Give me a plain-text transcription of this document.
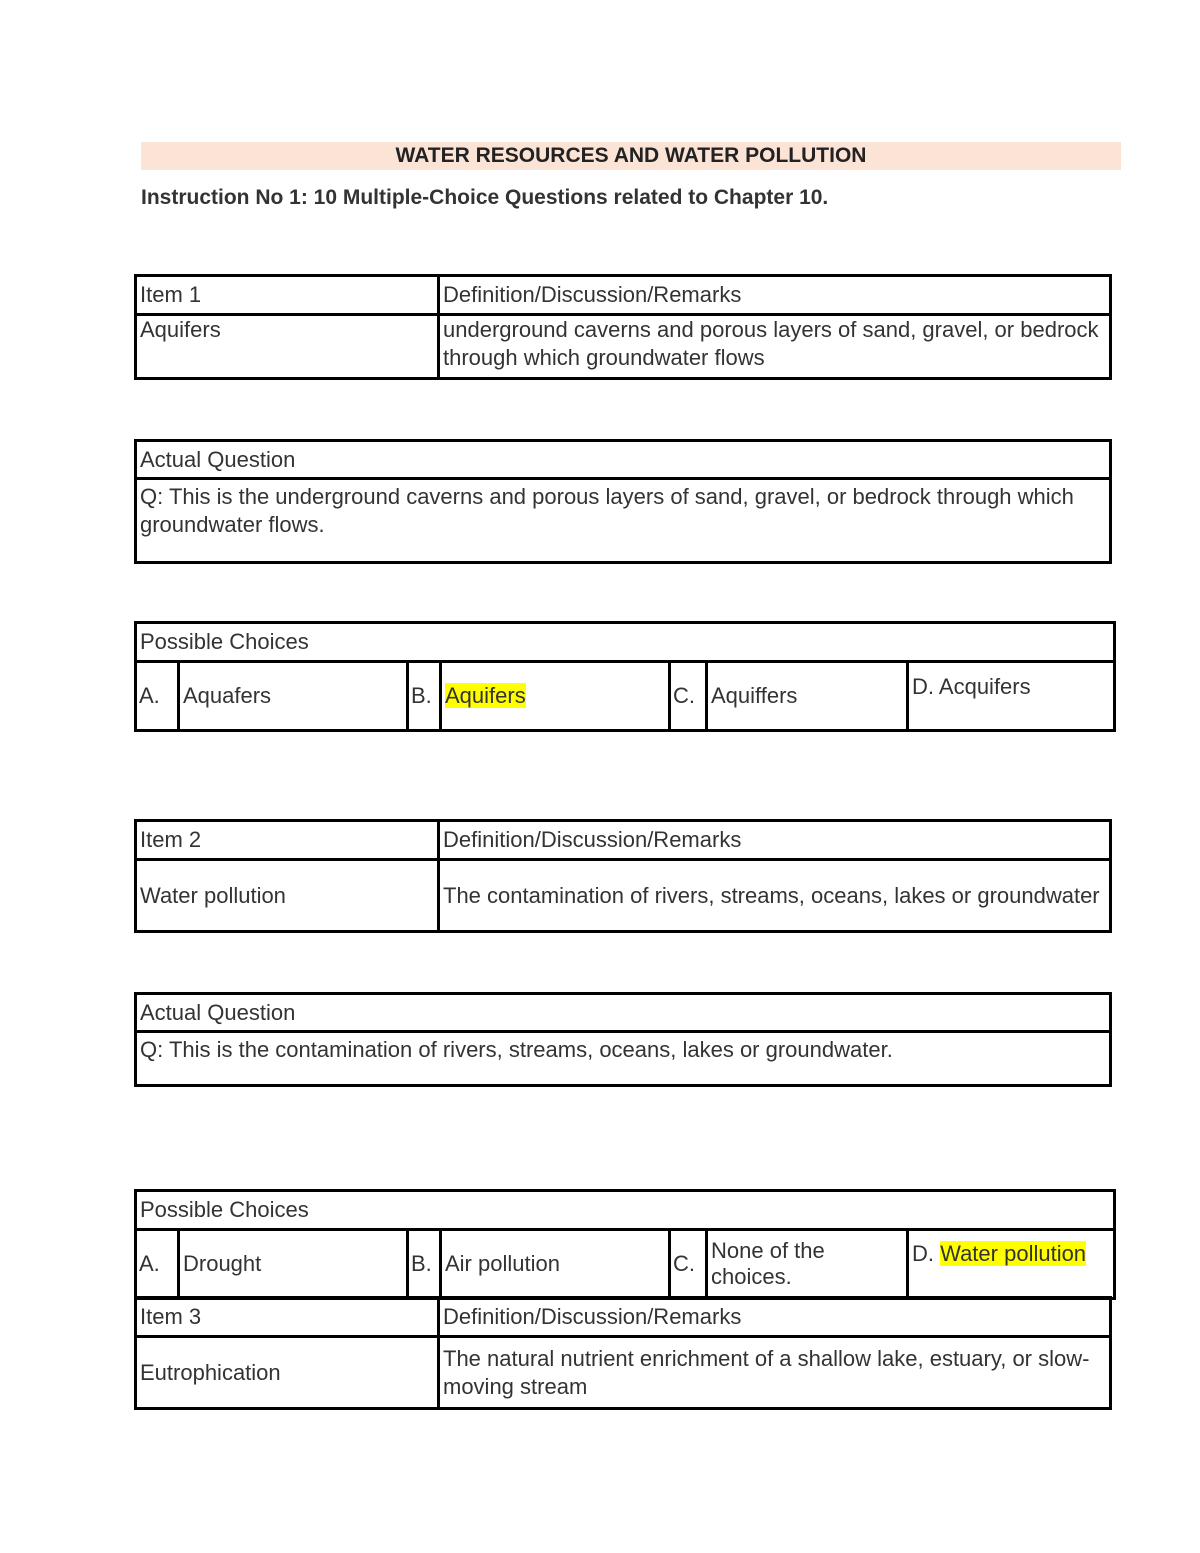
WATER RESOURCES AND WATER POLLUTION
Instruction No 1: 10 Multiple-Choice Questions related to Chapter 10.
Item 1	Definition/Discussion/Remarks
Aquifers	underground caverns and porous layers of sand, gravel, or bedrock through which groundwater flows
Actual Question
Q: This is the underground caverns and porous layers of sand, gravel, or bedrock through which groundwater flows.
Possible Choices
A.	Aquafers	B.	Aquifers	C.	Aquiffers	D. Acquifers
Item 2	Definition/Discussion/Remarks
Water pollution	The contamination of rivers, streams, oceans, lakes or groundwater
Actual Question
Q: This is the contamination of rivers, streams, oceans, lakes or groundwater.
Possible Choices
A.	Drought	B.	Air pollution	C.	None of the choices.	D. Water pollution
Item 3	Definition/Discussion/Remarks
Eutrophication	The natural nutrient enrichment of a shallow lake, estuary, or slow-moving stream
